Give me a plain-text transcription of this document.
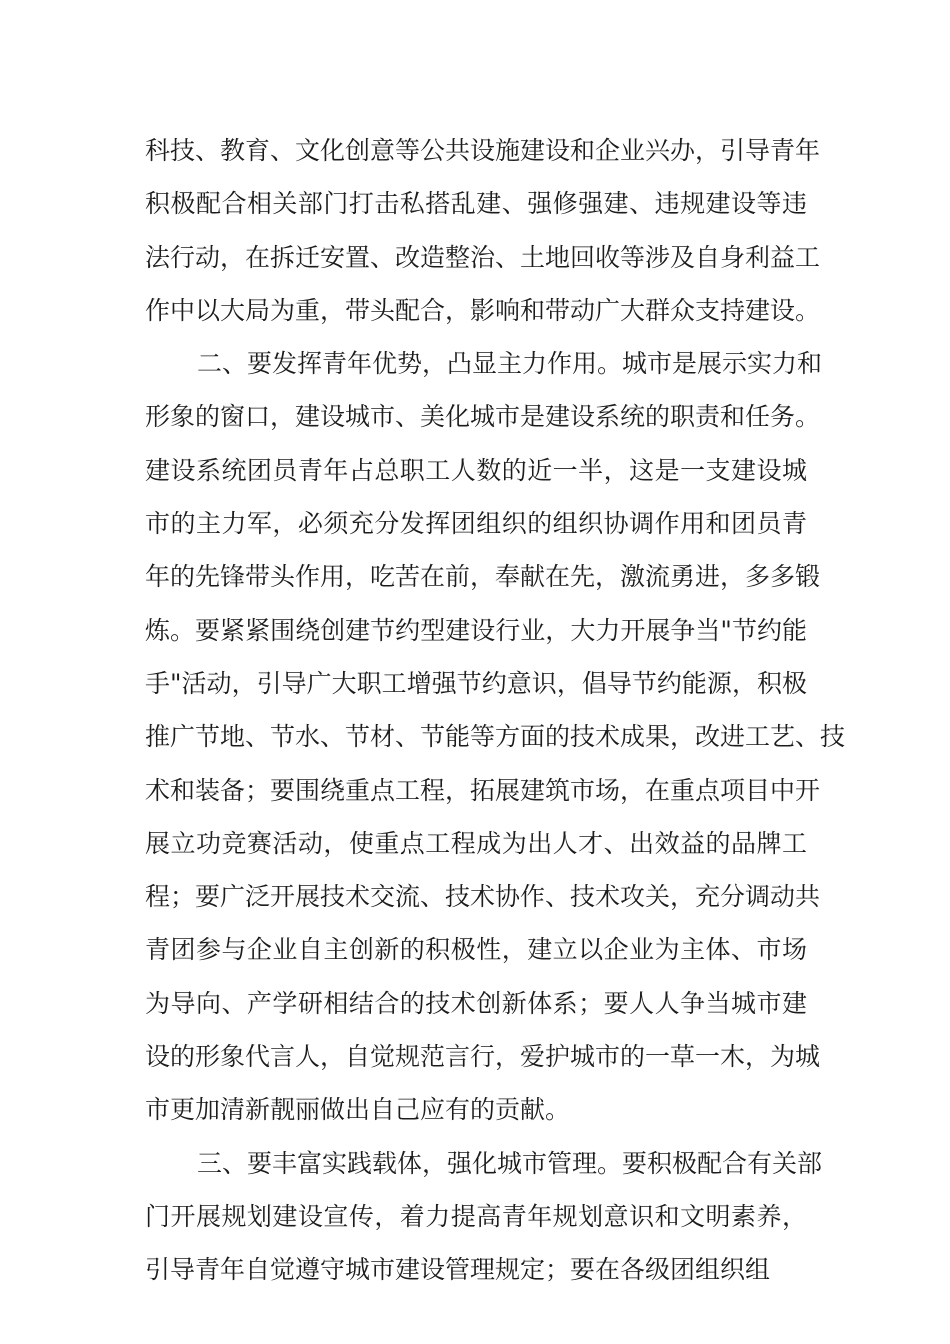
科技、教育、文化创意等公共设施建设和企业兴办，引导青年
积极配合相关部门打击私搭乱建、强修强建、违规建设等违
法行动，在拆迁安置、改造整治、土地回收等涉及自身利益工
作中以大局为重，带头配合，影响和带动广大群众支持建设。
二、要发挥青年优势，凸显主力作用。城市是展示实力和
形象的窗口，建设城市、美化城市是建设系统的职责和任务。
建设系统团员青年占总职工人数的近一半，这是一支建设城
市的主力军，必须充分发挥团组织的组织协调作用和团员青
年的先锋带头作用，吃苦在前，奉献在先，激流勇进，多多锻
炼。要紧紧围绕创建节约型建设行业，大力开展争当"节约能
手"活动，引导广大职工增强节约意识，倡导节约能源，积极
推广节地、节水、节材、节能等方面的技术成果，改进工艺、技
术和装备；要围绕重点工程，拓展建筑市场，在重点项目中开
展立功竞赛活动，使重点工程成为出人才、出效益的品牌工
程；要广泛开展技术交流、技术协作、技术攻关，充分调动共
青团参与企业自主创新的积极性，建立以企业为主体、市场
为导向、产学研相结合的技术创新体系；要人人争当城市建
设的形象代言人，自觉规范言行，爱护城市的一草一木，为城
市更加清新靓丽做出自己应有的贡献。
三、要丰富实践载体，强化城市管理。要积极配合有关部
门开展规划建设宣传，着力提高青年规划意识和文明素养，
引导青年自觉遵守城市建设管理规定；要在各级团组织组
